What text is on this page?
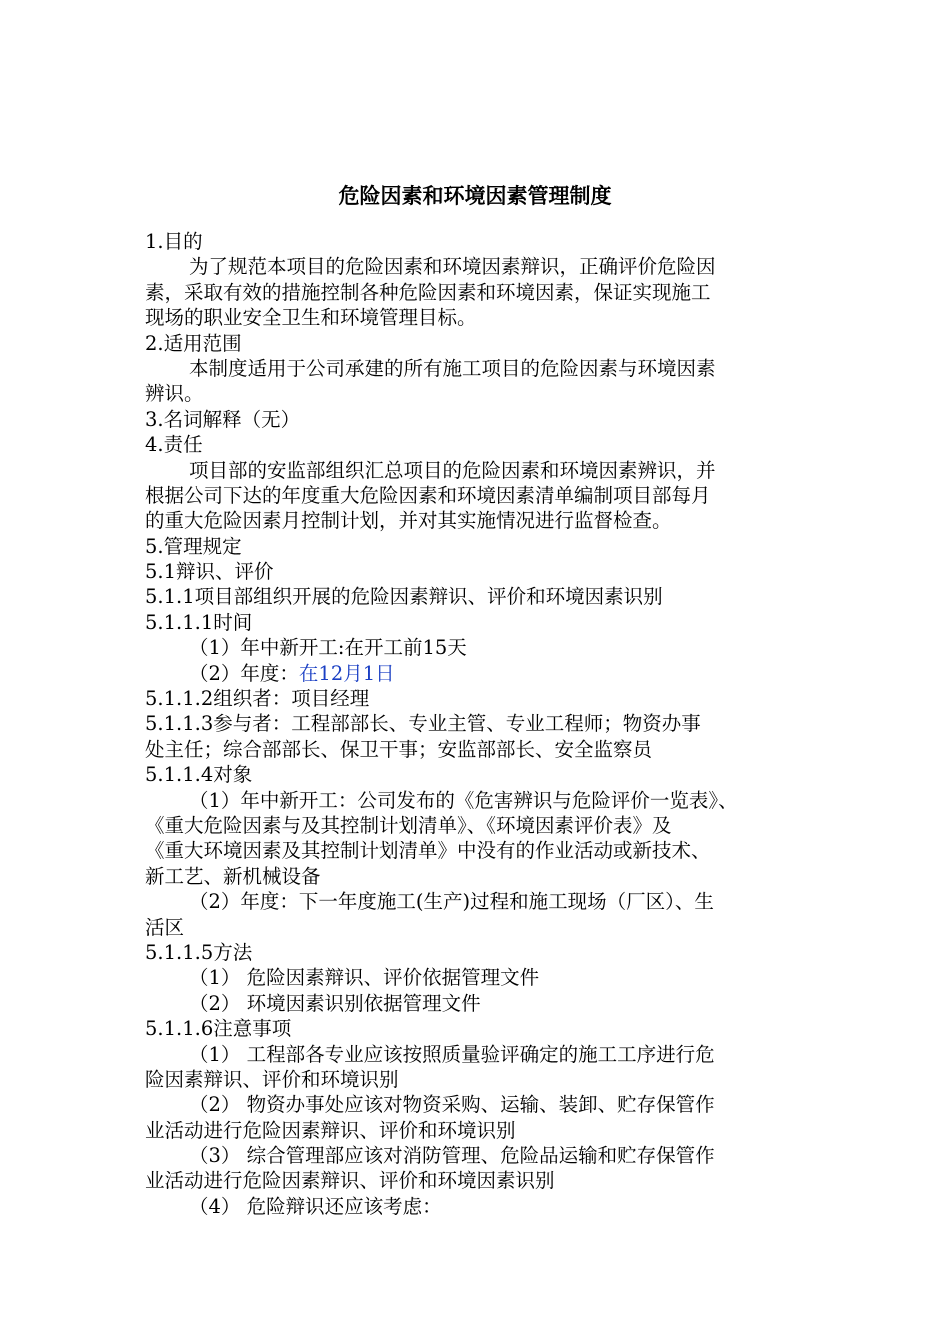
危险因素和环境因素管理制度

1.目的

为了规范本项目的危险因素和环境因素辩识，正确评价危险因

素，采取有效的措施控制各种危险因素和环境因素，保证实现施工

现场的职业安全卫生和环境管理目标。

2.适用范围

本制度适用于公司承建的所有施工项目的危险因素与环境因素

辨识。

3.名词解释（无）

4.责任

项目部的安监部组织汇总项目的危险因素和环境因素辨识，并

根据公司下达的年度重大危险因素和环境因素清单编制项目部每月

的重大危险因素月控制计划，并对其实施情况进行监督检查。

5.管理规定

5.1辩识、评价

5.1.1项目部组织开展的危险因素辩识、评价和环境因素识别

5.1.1.1时间

（1）年中新开工:在开工前15天

（2）年度：在12月1日

5.1.1.2组织者：项目经理

5.1.1.3参与者：工程部部长、专业主管、专业工程师；物资办事

处主任；综合部部长、保卫干事；安监部部长、安全监察员

5.1.1.4对象

（1）年中新开工：公司发布的《危害辨识与危险评价一览表》、

《重大危险因素与及其控制计划清单》、《环境因素评价表》及

《重大环境因素及其控制计划清单》中没有的作业活动或新技术、

新工艺、新机械设备

（2）年度：下一年度施工(生产)过程和施工现场（厂区）、生

活区

5.1.1.5方法

（1） 危险因素辩识、评价依据管理文件

（2） 环境因素识别依据管理文件

5.1.1.6注意事项

（1） 工程部各专业应该按照质量验评确定的施工工序进行危

险因素辩识、评价和环境识别

（2） 物资办事处应该对物资采购、运输、装卸、贮存保管作

业活动进行危险因素辩识、评价和环境识别

（3） 综合管理部应该对消防管理、危险品运输和贮存保管作

业活动进行危险因素辩识、评价和环境因素识别

（4） 危险辩识还应该考虑：
